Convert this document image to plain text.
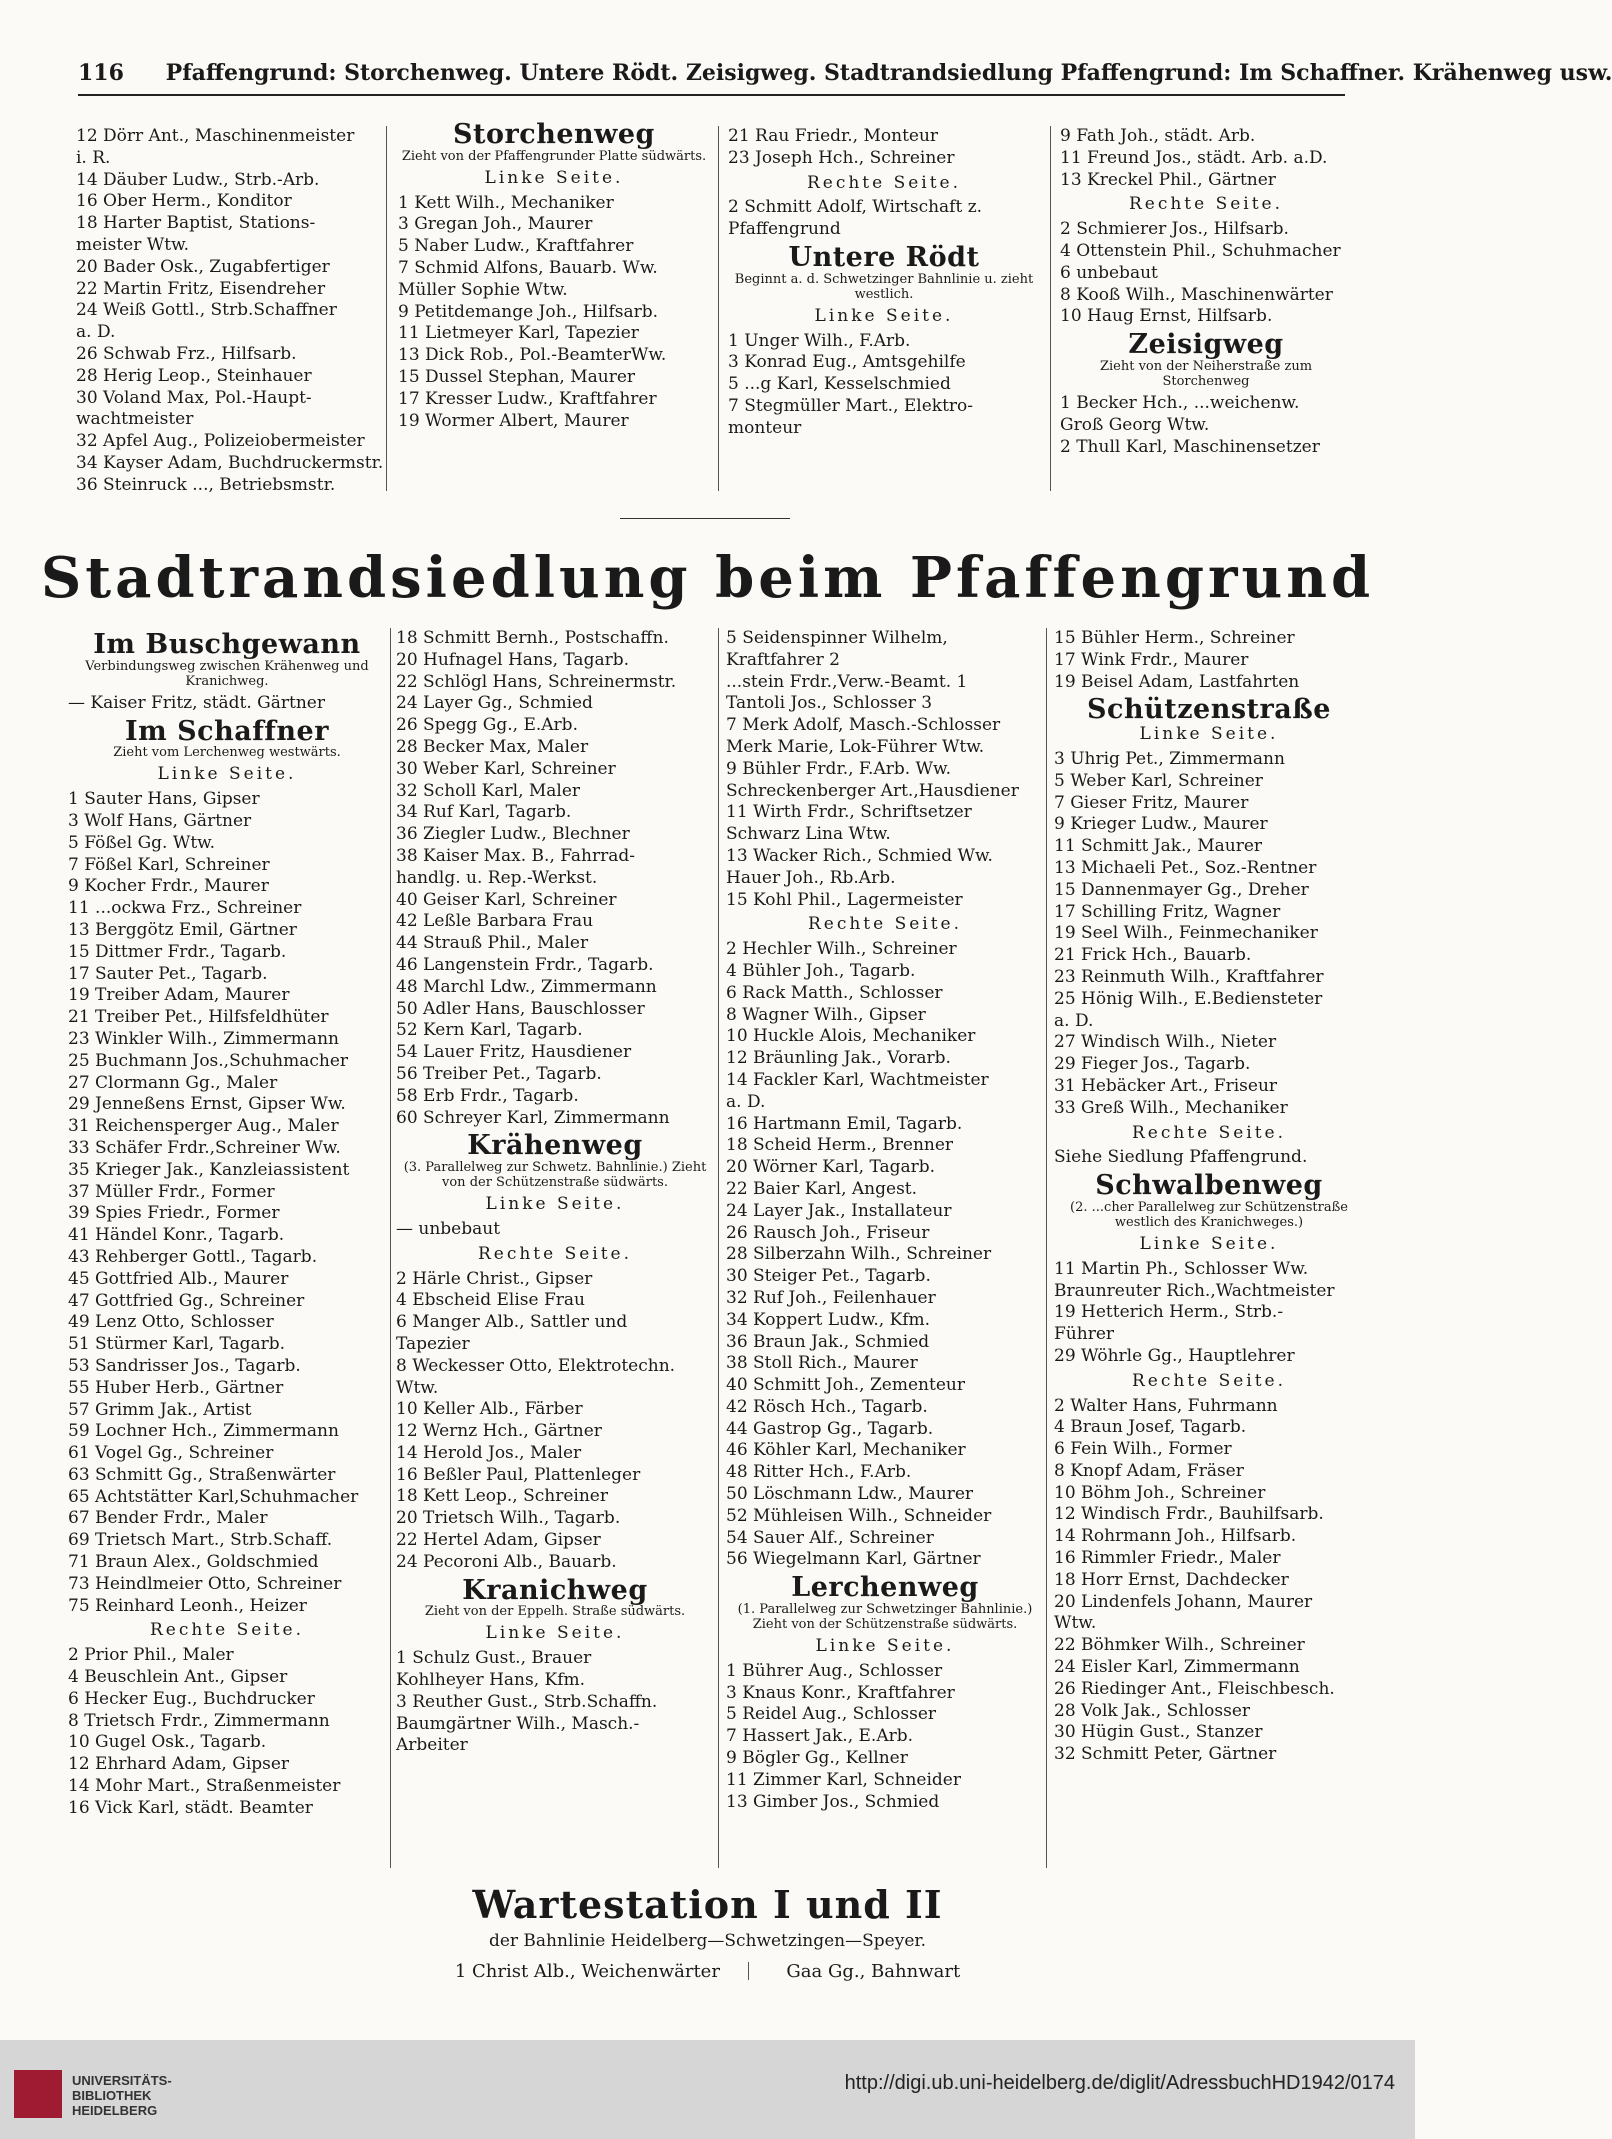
116 Pfaffengrund: Storchenweg. Untere Rödt. Zeisigweg. Stadtrandsiedlung Pfaffengrund: Im Schaffner. Krähenweg usw.
12 Dörr Ant., Maschinenmeister
i. R.
14 Däuber Ludw., Strb.-Arb.
16 Ober Herm., Konditor
18 Harter Baptist, Stations-
meister Wtw.
20 Bader Osk., Zugabfertiger
22 Martin Fritz, Eisendreher
24 Weiß Gottl., Strb.Schaffner
a. D.
26 Schwab Frz., Hilfsarb.
28 Herig Leop., Steinhauer
30 Voland Max, Pol.-Haupt-
wachtmeister
32 Apfel Aug., Polizeiobermeister
34 Kayser Adam, Buchdruckermstr.
36 Steinruck ..., Betriebsmstr.
Storchenweg
Zieht von der Pfaffengrunder Platte südwärts.
Linke Seite.
1 Kett Wilh., Mechaniker
3 Gregan Joh., Maurer
5 Naber Ludw., Kraftfahrer
7 Schmid Alfons, Bauarb. Ww.
Müller Sophie Wtw.
9 Petitdemange Joh., Hilfsarb.
11 Lietmeyer Karl, Tapezier
13 Dick Rob., Pol.-BeamterWw.
15 Dussel Stephan, Maurer
17 Kresser Ludw., Kraftfahrer
19 Wormer Albert, Maurer
21 Rau Friedr., Monteur
23 Joseph Hch., Schreiner
Rechte Seite.
2 Schmitt Adolf, Wirtschaft z.
Pfaffengrund
Untere Rödt
Beginnt a. d. Schwetzinger Bahnlinie u. zieht westlich.
Linke Seite.
1 Unger Wilh., F.Arb.
3 Konrad Eug., Amtsgehilfe
5 ...g Karl, Kesselschmied
7 Stegmüller Mart., Elektro-
monteur
9 Fath Joh., städt. Arb.
11 Freund Jos., städt. Arb. a.D.
13 Kreckel Phil., Gärtner
Rechte Seite.
2 Schmierer Jos., Hilfsarb.
4 Ottenstein Phil., Schuhmacher
6 unbebaut
8 Kooß Wilh., Maschinenwärter
10 Haug Ernst, Hilfsarb.
Zeisigweg
Zieht von der Neiherstraße zum Storchenweg
1 Becker Hch., ...weichenw.
Groß Georg Wtw.
2 Thull Karl, Maschinensetzer
Stadtrandsiedlung beim Pfaffengrund
Im Buschgewann
Verbindungsweg zwischen Krähenweg und Kranichweg.
— Kaiser Fritz, städt. Gärtner
Im Schaffner
Zieht vom Lerchenweg westwärts.
Linke Seite.
1 Sauter Hans, Gipser
3 Wolf Hans, Gärtner
5 Fößel Gg. Wtw.
7 Fößel Karl, Schreiner
9 Kocher Frdr., Maurer
11 ...ockwa Frz., Schreiner
13 Berggötz Emil, Gärtner
15 Dittmer Frdr., Tagarb.
17 Sauter Pet., Tagarb.
19 Treiber Adam, Maurer
21 Treiber Pet., Hilfsfeldhüter
23 Winkler Wilh., Zimmermann
25 Buchmann Jos.,Schuhmacher
27 Clormann Gg., Maler
29 Jenneßens Ernst, Gipser Ww.
31 Reichensperger Aug., Maler
33 Schäfer Frdr.,Schreiner Ww.
35 Krieger Jak., Kanzleiassistent
37 Müller Frdr., Former
39 Spies Friedr., Former
41 Händel Konr., Tagarb.
43 Rehberger Gottl., Tagarb.
45 Gottfried Alb., Maurer
47 Gottfried Gg., Schreiner
49 Lenz Otto, Schlosser
51 Stürmer Karl, Tagarb.
53 Sandrisser Jos., Tagarb.
55 Huber Herb., Gärtner
57 Grimm Jak., Artist
59 Lochner Hch., Zimmermann
61 Vogel Gg., Schreiner
63 Schmitt Gg., Straßenwärter
65 Achtstätter Karl,Schuhmacher
67 Bender Frdr., Maler
69 Trietsch Mart., Strb.Schaff.
71 Braun Alex., Goldschmied
73 Heindlmeier Otto, Schreiner
75 Reinhard Leonh., Heizer
Rechte Seite.
2 Prior Phil., Maler
4 Beuschlein Ant., Gipser
6 Hecker Eug., Buchdrucker
8 Trietsch Frdr., Zimmermann
10 Gugel Osk., Tagarb.
12 Ehrhard Adam, Gipser
14 Mohr Mart., Straßenmeister
16 Vick Karl, städt. Beamter
18 Schmitt Bernh., Postschaffn.
20 Hufnagel Hans, Tagarb.
22 Schlögl Hans, Schreinermstr.
24 Layer Gg., Schmied
26 Spegg Gg., E.Arb.
28 Becker Max, Maler
30 Weber Karl, Schreiner
32 Scholl Karl, Maler
34 Ruf Karl, Tagarb.
36 Ziegler Ludw., Blechner
38 Kaiser Max. B., Fahrrad-
handlg. u. Rep.-Werkst.
40 Geiser Karl, Schreiner
42 Leßle Barbara Frau
44 Strauß Phil., Maler
46 Langenstein Frdr., Tagarb.
48 Marchl Ldw., Zimmermann
50 Adler Hans, Bauschlosser
52 Kern Karl, Tagarb.
54 Lauer Fritz, Hausdiener
56 Treiber Pet., Tagarb.
58 Erb Frdr., Tagarb.
60 Schreyer Karl, Zimmermann
Krähenweg
(3. Parallelweg zur Schwetz. Bahnlinie.) Zieht von der Schützenstraße südwärts.
Linke Seite.
— unbebaut
Rechte Seite.
2 Härle Christ., Gipser
4 Ebscheid Elise Frau
6 Manger Alb., Sattler und
Tapezier
8 Weckesser Otto, Elektrotechn.
Wtw.
10 Keller Alb., Färber
12 Wernz Hch., Gärtner
14 Herold Jos., Maler
16 Beßler Paul, Plattenleger
18 Kett Leop., Schreiner
20 Trietsch Wilh., Tagarb.
22 Hertel Adam, Gipser
24 Pecoroni Alb., Bauarb.
Kranichweg
Zieht von der Eppelh. Straße südwärts.
Linke Seite.
1 Schulz Gust., Brauer
Kohlheyer Hans, Kfm.
3 Reuther Gust., Strb.Schaffn.
Baumgärtner Wilh., Masch.-
Arbeiter
5 Seidenspinner Wilhelm,
Kraftfahrer 2
...stein Frdr.,Verw.-Beamt. 1
Tantoli Jos., Schlosser 3
7 Merk Adolf, Masch.-Schlosser
Merk Marie, Lok-Führer Wtw.
9 Bühler Frdr., F.Arb. Ww.
Schreckenberger Art.,Hausdiener
11 Wirth Frdr., Schriftsetzer
Schwarz Lina Wtw.
13 Wacker Rich., Schmied Ww.
Hauer Joh., Rb.Arb.
15 Kohl Phil., Lagermeister
Rechte Seite.
2 Hechler Wilh., Schreiner
4 Bühler Joh., Tagarb.
6 Rack Matth., Schlosser
8 Wagner Wilh., Gipser
10 Huckle Alois, Mechaniker
12 Bräunling Jak., Vorarb.
14 Fackler Karl, Wachtmeister
a. D.
16 Hartmann Emil, Tagarb.
18 Scheid Herm., Brenner
20 Wörner Karl, Tagarb.
22 Baier Karl, Angest.
24 Layer Jak., Installateur
26 Rausch Joh., Friseur
28 Silberzahn Wilh., Schreiner
30 Steiger Pet., Tagarb.
32 Ruf Joh., Feilenhauer
34 Koppert Ludw., Kfm.
36 Braun Jak., Schmied
38 Stoll Rich., Maurer
40 Schmitt Joh., Zementeur
42 Rösch Hch., Tagarb.
44 Gastrop Gg., Tagarb.
46 Köhler Karl, Mechaniker
48 Ritter Hch., F.Arb.
50 Löschmann Ldw., Maurer
52 Mühleisen Wilh., Schneider
54 Sauer Alf., Schreiner
56 Wiegelmann Karl, Gärtner
Lerchenweg
(1. Parallelweg zur Schwetzinger Bahnlinie.) Zieht von der Schützenstraße südwärts.
Linke Seite.
1 Bührer Aug., Schlosser
3 Knaus Konr., Kraftfahrer
5 Reidel Aug., Schlosser
7 Hassert Jak., E.Arb.
9 Bögler Gg., Kellner
11 Zimmer Karl, Schneider
13 Gimber Jos., Schmied
15 Bühler Herm., Schreiner
17 Wink Frdr., Maurer
19 Beisel Adam, Lastfahrten
Schützenstraße
Linke Seite.
3 Uhrig Pet., Zimmermann
5 Weber Karl, Schreiner
7 Gieser Fritz, Maurer
9 Krieger Ludw., Maurer
11 Schmitt Jak., Maurer
13 Michaeli Pet., Soz.-Rentner
15 Dannenmayer Gg., Dreher
17 Schilling Fritz, Wagner
19 Seel Wilh., Feinmechaniker
21 Frick Hch., Bauarb.
23 Reinmuth Wilh., Kraftfahrer
25 Hönig Wilh., E.Bediensteter
a. D.
27 Windisch Wilh., Nieter
29 Fieger Jos., Tagarb.
31 Hebäcker Art., Friseur
33 Greß Wilh., Mechaniker
Rechte Seite.
Siehe Siedlung Pfaffengrund.
Schwalbenweg
(2. ...cher Parallelweg zur Schützenstraße westlich des Kranichweges.)
Linke Seite.
11 Martin Ph., Schlosser Ww.
Braunreuter Rich.,Wachtmeister
19 Hetterich Herm., Strb.-
Führer
29 Wöhrle Gg., Hauptlehrer
Rechte Seite.
2 Walter Hans, Fuhrmann
4 Braun Josef, Tagarb.
6 Fein Wilh., Former
8 Knopf Adam, Fräser
10 Böhm Joh., Schreiner
12 Windisch Frdr., Bauhilfsarb.
14 Rohrmann Joh., Hilfsarb.
16 Rimmler Friedr., Maler
18 Horr Ernst, Dachdecker
20 Lindenfels Johann, Maurer
Wtw.
22 Böhmker Wilh., Schreiner
24 Eisler Karl, Zimmermann
26 Riedinger Ant., Fleischbesch.
28 Volk Jak., Schlosser
30 Hügin Gust., Stanzer
32 Schmitt Peter, Gärtner
Wartestation I und II
der Bahnlinie Heidelberg—Schwetzingen—Speyer.
1 Christ Alb., Weichenwärter	Gaa Gg., Bahnwart
UNIVERSITÄTS-
BIBLIOTHEK
HEIDELBERG
http://digi.ub.uni-heidelberg.de/diglit/AdressbuchHD1942/0174
